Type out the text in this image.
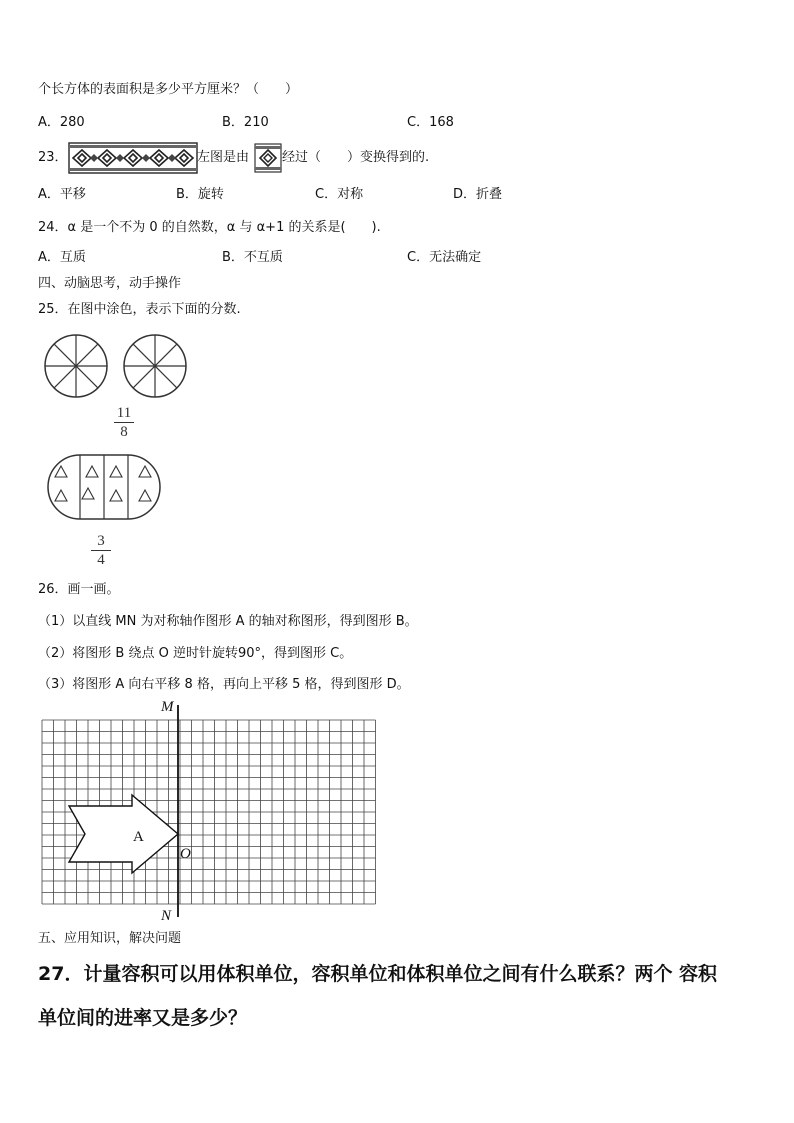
个长方体的表面积是多少平方厘米？（　　）
A．280	B．210	C．168
23．	左图是由	经过（　　）变换得到的.
A．平移	B．旋转	C．对称	D．折叠
24．α 是一个不为 0 的自然数，α 与 α+1 的关系是(　　).
A．互质	B．不互质	C．无法确定
四、动脑思考，动手操作
25．在图中涂色，表示下面的分数.
11
8
3
4
26．画一画。
（1）以直线 MN 为对称轴作图形 A 的轴对称图形，得到图形 B。
（2）将图形 B 绕点 O 逆时针旋转90°，得到图形 C。
（3）将图形 A 向右平移 8 格，再向上平移 5 格，得到图形 D。
M
N
O
A
五、应用知识，解决问题
27．计量容积可以用体积单位，容积单位和体积单位之间有什么联系？两个 容积
单位间的进率又是多少？
